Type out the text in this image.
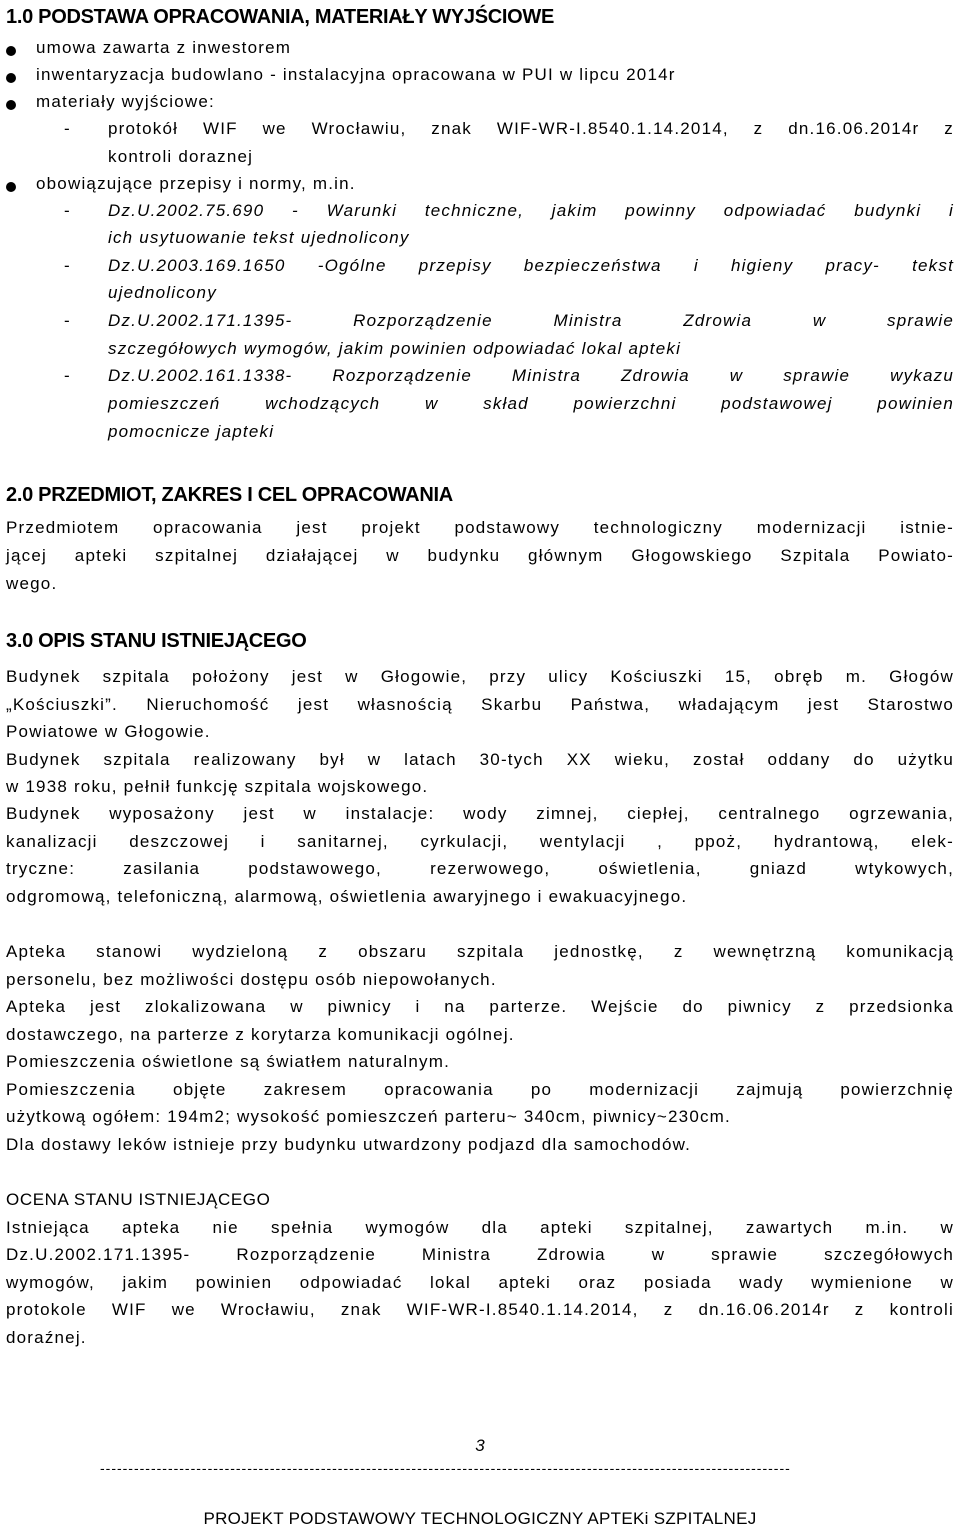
1.0 PODSTAWA OPRACOWANIA, MATERIAŁY WYJŚCIOWE
umowa zawarta z inwestorem
inwentaryzacja budowlano - instalacyjna opracowana w PUI w lipcu 2014r
materiały wyjściowe:
- protokół WIF we Wrocławiu, znak WIF-WR-I.8540.1.14.2014, z dn.16.06.2014r z
kontroli doraznej
obowiązujące przepisy i normy, m.in.
- Dz.U.2002.75.690 - Warunki techniczne, jakim powinny odpowiadać budynki i
ich usytuowanie tekst ujednolicony
- Dz.U.2003.169.1650 -Ogólne przepisy bezpieczeństwa i higieny pracy- tekst
ujednolicony
- Dz.U.2002.171.1395- Rozporządzenie Ministra Zdrowia w sprawie
szczegółowych wymogów, jakim powinien odpowiadać lokal apteki
- Dz.U.2002.161.1338- Rozporządzenie Ministra Zdrowia w sprawie wykazu
pomieszczeń wchodzących w skład powierzchni podstawowej powinien
pomocnicze japteki
2.0 PRZEDMIOT, ZAKRES I CEL OPRACOWANIA
Przedmiotem opracowania jest projekt podstawowy technologiczny modernizacji istnie-
jącej apteki szpitalnej działającej w budynku głównym Głogowskiego Szpitala Powiato-
wego.
3.0 OPIS STANU ISTNIEJĄCEGO
Budynek szpitala położony jest w Głogowie, przy ulicy Kościuszki 15, obręb m. Głogów
„Kościuszki”. Nieruchomość jest własnością Skarbu Państwa, władającym jest Starostwo
Powiatowe w Głogowie.
Budynek szpitala realizowany był w latach 30-tych XX wieku, został oddany do użytku
w 1938 roku, pełnił funkcję szpitala wojskowego.
Budynek wyposażony jest w instalacje: wody zimnej, ciepłej, centralnego ogrzewania,
kanalizacji deszczowej i sanitarnej, cyrkulacji, wentylacji , ppoż, hydrantową, elek-
tryczne: zasilania podstawowego, rezerwowego, oświetlenia, gniazd wtykowych,
odgromową, telefoniczną, alarmową, oświetlenia awaryjnego i ewakuacyjnego.
Apteka stanowi wydzieloną z obszaru szpitala jednostkę, z wewnętrzną komunikacją
personelu, bez możliwości dostępu osób niepowołanych.
Apteka jest zlokalizowana w piwnicy i na parterze. Wejście do piwnicy z przedsionka
dostawczego, na parterze z korytarza komunikacji ogólnej.
Pomieszczenia oświetlone są światłem naturalnym.
Pomieszczenia objęte zakresem opracowania po modernizacji zajmują powierzchnię
użytkową ogółem: 194m2; wysokość pomieszczeń parteru~ 340cm, piwnicy~230cm.
Dla dostawy leków istnieje przy budynku utwardzony podjazd dla samochodów.
OCENA STANU ISTNIEJĄCEGO
Istniejąca apteka nie spełnia wymogów dla apteki szpitalnej, zawartych m.in. w
Dz.U.2002.171.1395- Rozporządzenie Ministra Zdrowia w sprawie szczegółowych
wymogów, jakim powinien odpowiadać lokal apteki oraz posiada wady wymienione w
protokole WIF we Wrocławiu, znak WIF-WR-I.8540.1.14.2014, z dn.16.06.2014r z kontroli
doraźnej.
3
--------------------------------------------------------------------------------------------------------------------------
PROJEKT PODSTAWOWY TECHNOLOGICZNY APTEKi SZPITALNEJ
